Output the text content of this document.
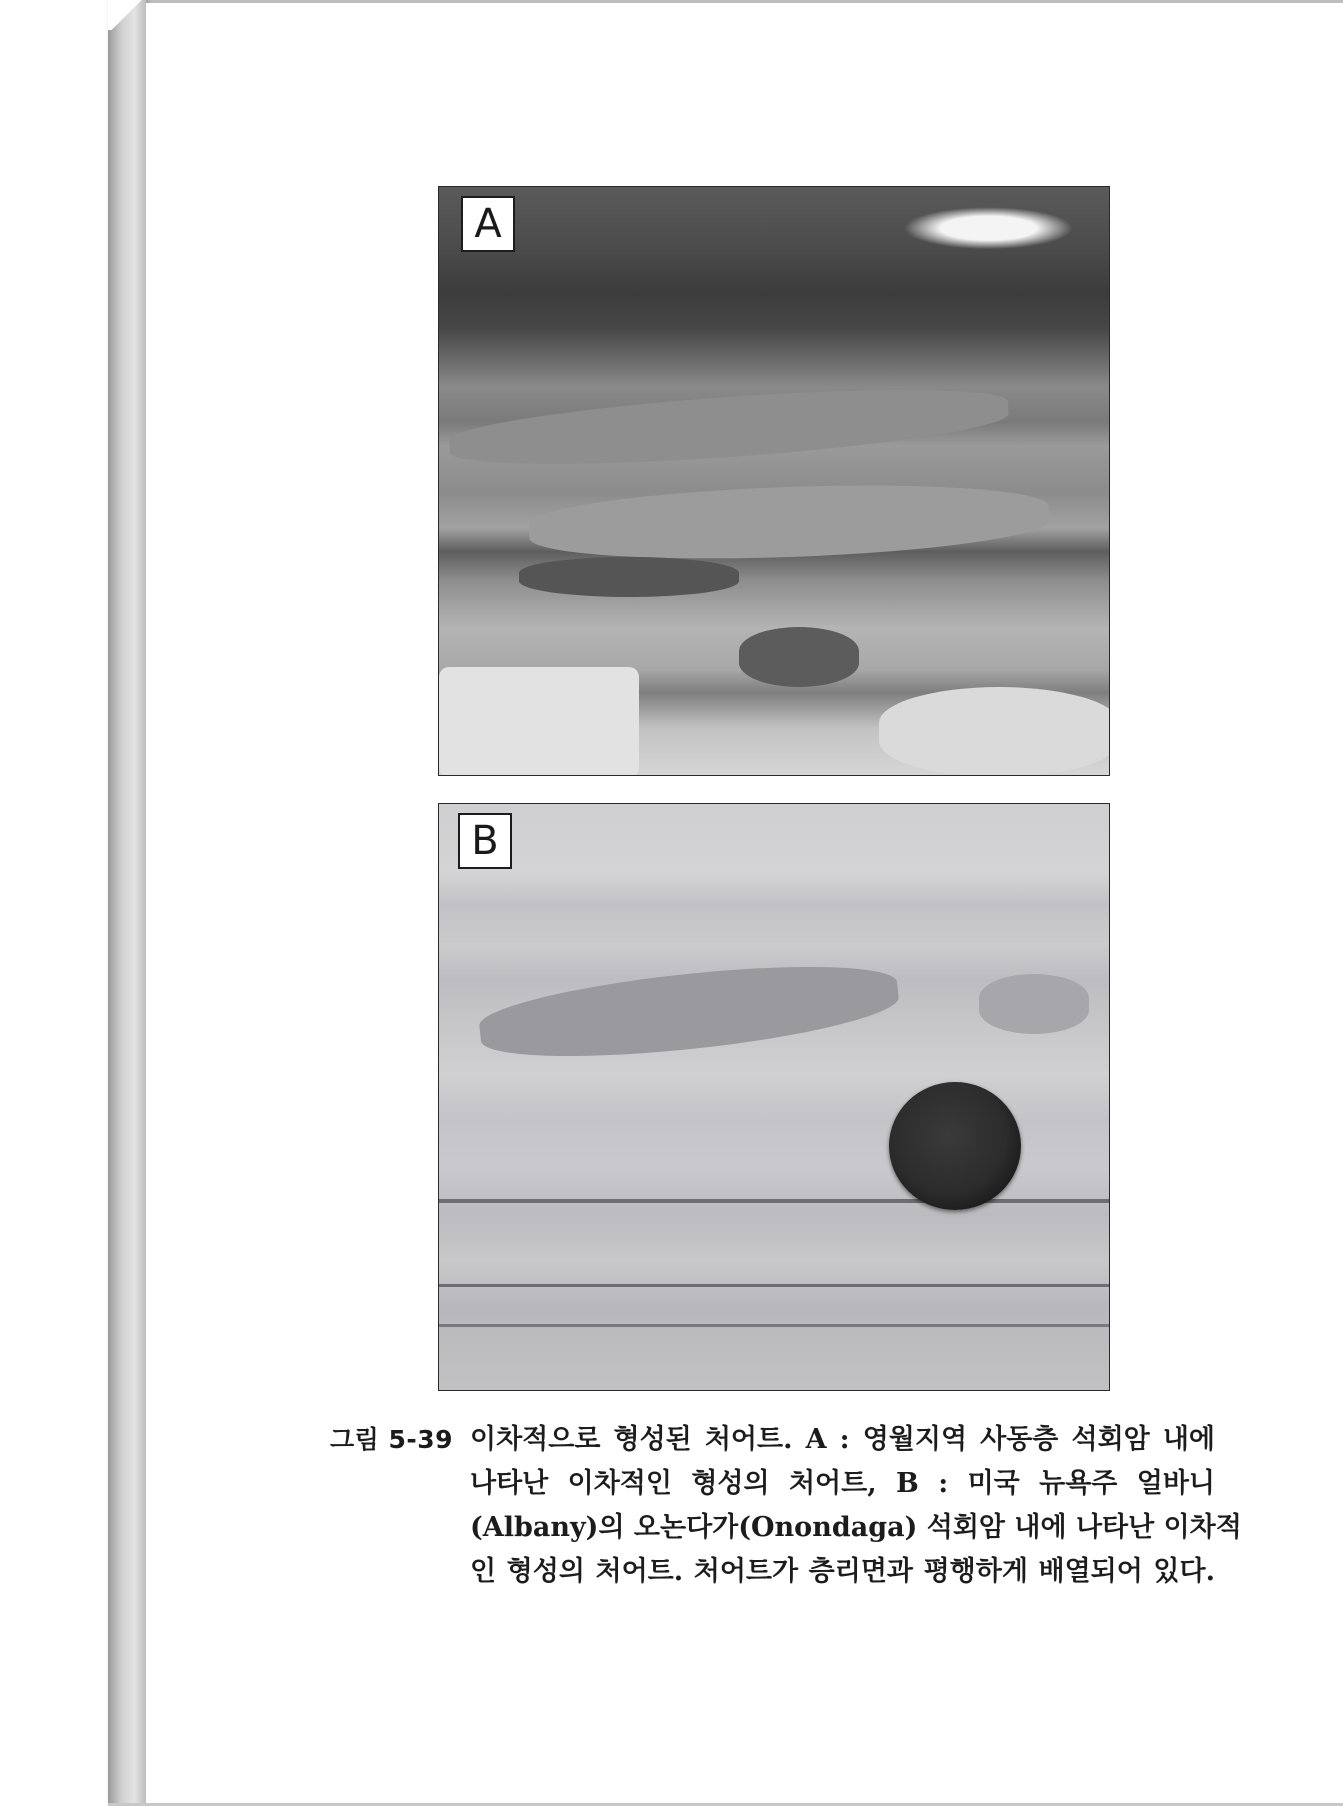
A
B
그림 5-39 이차적으로 형성된 처어트. A : 영월지역 사동층 석회암 내에
나타난 이차적인 형성의 처어트, B : 미국 뉴욕주 얼바니
(Albany)의 오논다가(Onondaga) 석회암 내에 나타난 이차적
인 형성의 처어트. 처어트가 층리면과 평행하게 배열되어 있다.
